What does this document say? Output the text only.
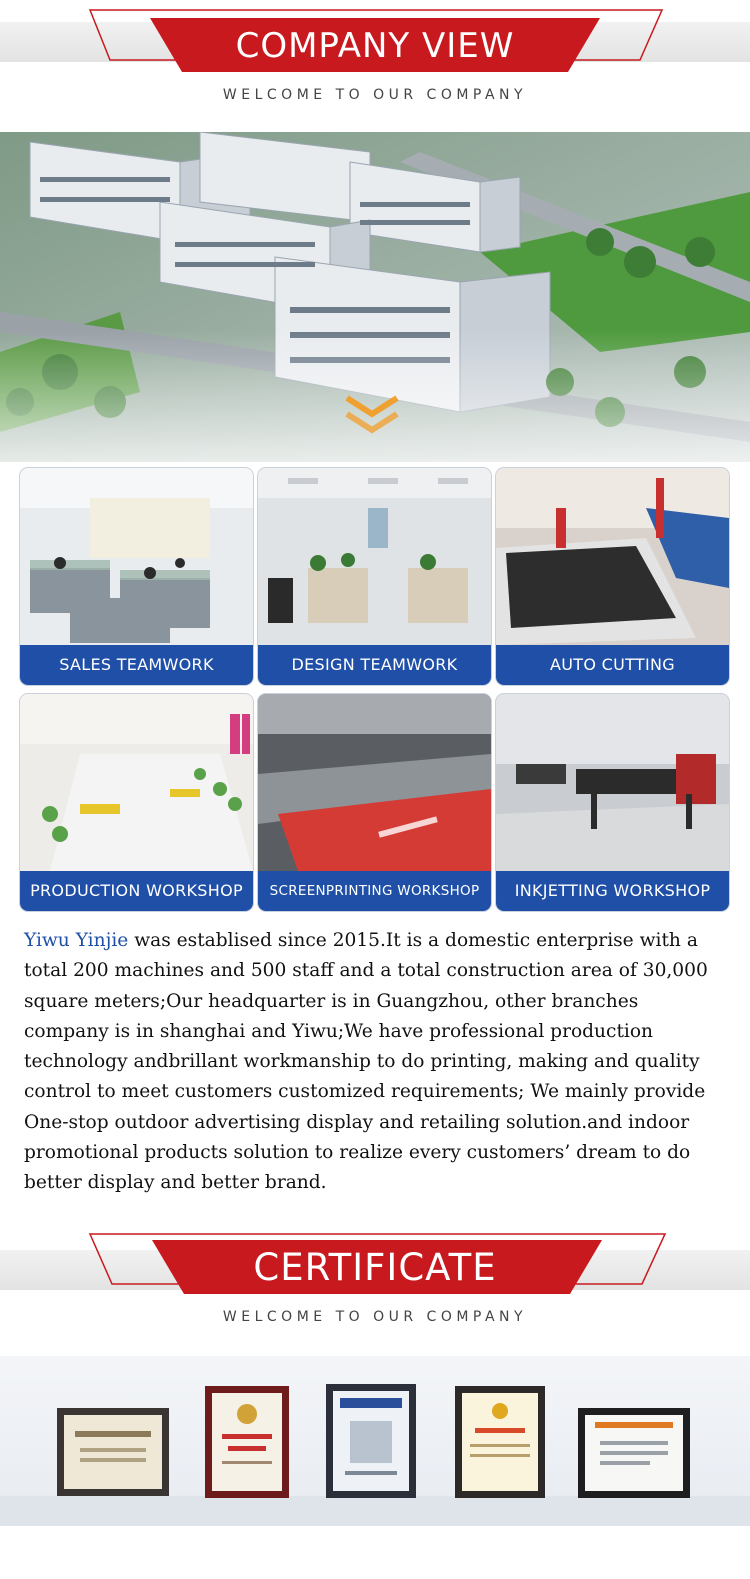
COMPANY VIEW
WELCOME TO OUR COMPANY
SALES TEAMWORK	DESIGN TEAMWORK	AUTO CUTTING
PRODUCTION WORKSHOP	SCREENPRINTING WORKSHOP	INKJETTING WORKSHOP
Yiwu Yinjie was establised since 2015.It is a domestic enterprise with a total 200 machines and 500 staff and a total construction area of 30,000 square meters;Our headquarter is in Guangzhou, other branches company is in shanghai and Yiwu;We have professional production technology andbrillant workmanship to do printing, making and quality control to meet customers customized requirements; We mainly provide One-stop outdoor advertising display and retailing solution.and indoor promotional products solution to realize every customers’ dream to do better display and better brand.
CERTIFICATE
WELCOME TO OUR COMPANY
